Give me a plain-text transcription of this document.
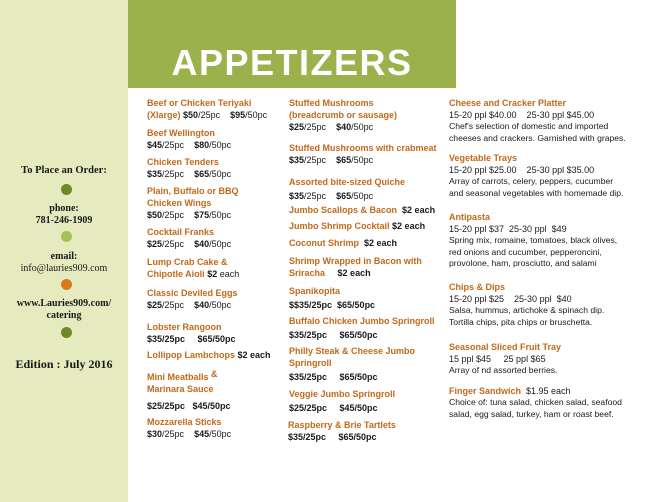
APPETIZERS
To Place an Order:
phone:
781-246-1909
email:
info@lauries909.com
www.Lauries909.com/
catering
Edition : July 2016
Beef or Chicken Teriyaki
(Xlarge) $50/25pc $95/50pc
Beef Wellington
$45/25pc $80/50pc
Chicken Tenders
$35/25pc $65/50pc
Plain, Buffalo or BBQ
Chicken Wings
$50/25pc $75/50pc
Cocktail Franks
$25/25pc $40/50pc
Lump Crab Cake &
Chipotle Aioli $2 each
Classic Deviled Eggs
$25/25pc $40/50pc
Lobster Rangoon
$35/25pc     $65/50pc
Lollipop Lambchops $2 each
Mini Meatballs &
Marinara Sauce
$25/25pc   $45/50pc
Mozzarella Sticks
$30/25pc $45/50pc
Stuffed Mushrooms
(breadcrumb or sausage)
$25/25pc $40/50pc
Stuffed Mushrooms with crabmeat
$35/25pc $65/50pc
Assorted bite-sized Quiche
$35/25pc $65/50pc
Jumbo Scallops & Bacon $2 each
Jumbo Shrimp Cocktail $2 each
Coconut Shrimp $2 each
Shrimp Wrapped in Bacon with
Sriracha $2 each
Spanikopita
$$35/25pc  $65/50pc
Buffalo Chicken Jumbo Springroll
$35/25pc     $65/50pc
Philly Steak & Cheese Jumbo
Springroll
$35/25pc     $65/50pc
Veggie Jumbo Springroll
$25/25pc     $45/50pc
Raspberry & Brie Tartlets
$35/25pc     $65/50pc
Cheese and Cracker Platter
15-20 ppl $40.00    25-30 ppl $45.00
Chef's selection of domestic and imported
cheeses and crackers. Garnished with grapes.
Vegetable Trays
15-20 ppl $25.00    25-30 ppl $35.00
Array of carrots, celery, peppers, cucumber
and seasonal vegetables with homemade dip.
Antipasta
15-20 ppl $37  25-30 ppl  $49
Spring mix, romaine, tomatoes, black olives,
red onions and cucumber, pepperoncini,
provolone, ham, prosciutto, and salami
Chips & Dips
15-20 ppl $25    25-30 ppl  $40
Salsa, hummus, artichoke & spinach dip.
Tortilla chips, pita chips or bruschetta.
Seasonal Sliced Fruit Tray
15 ppl $45     25 ppl $65
Array of nd assorted berries.
Finger Sandwich  $1.95 each
Choice of: tuna salad, chicken salad, seafood
salad, egg salad, turkey, ham or roast beef.
